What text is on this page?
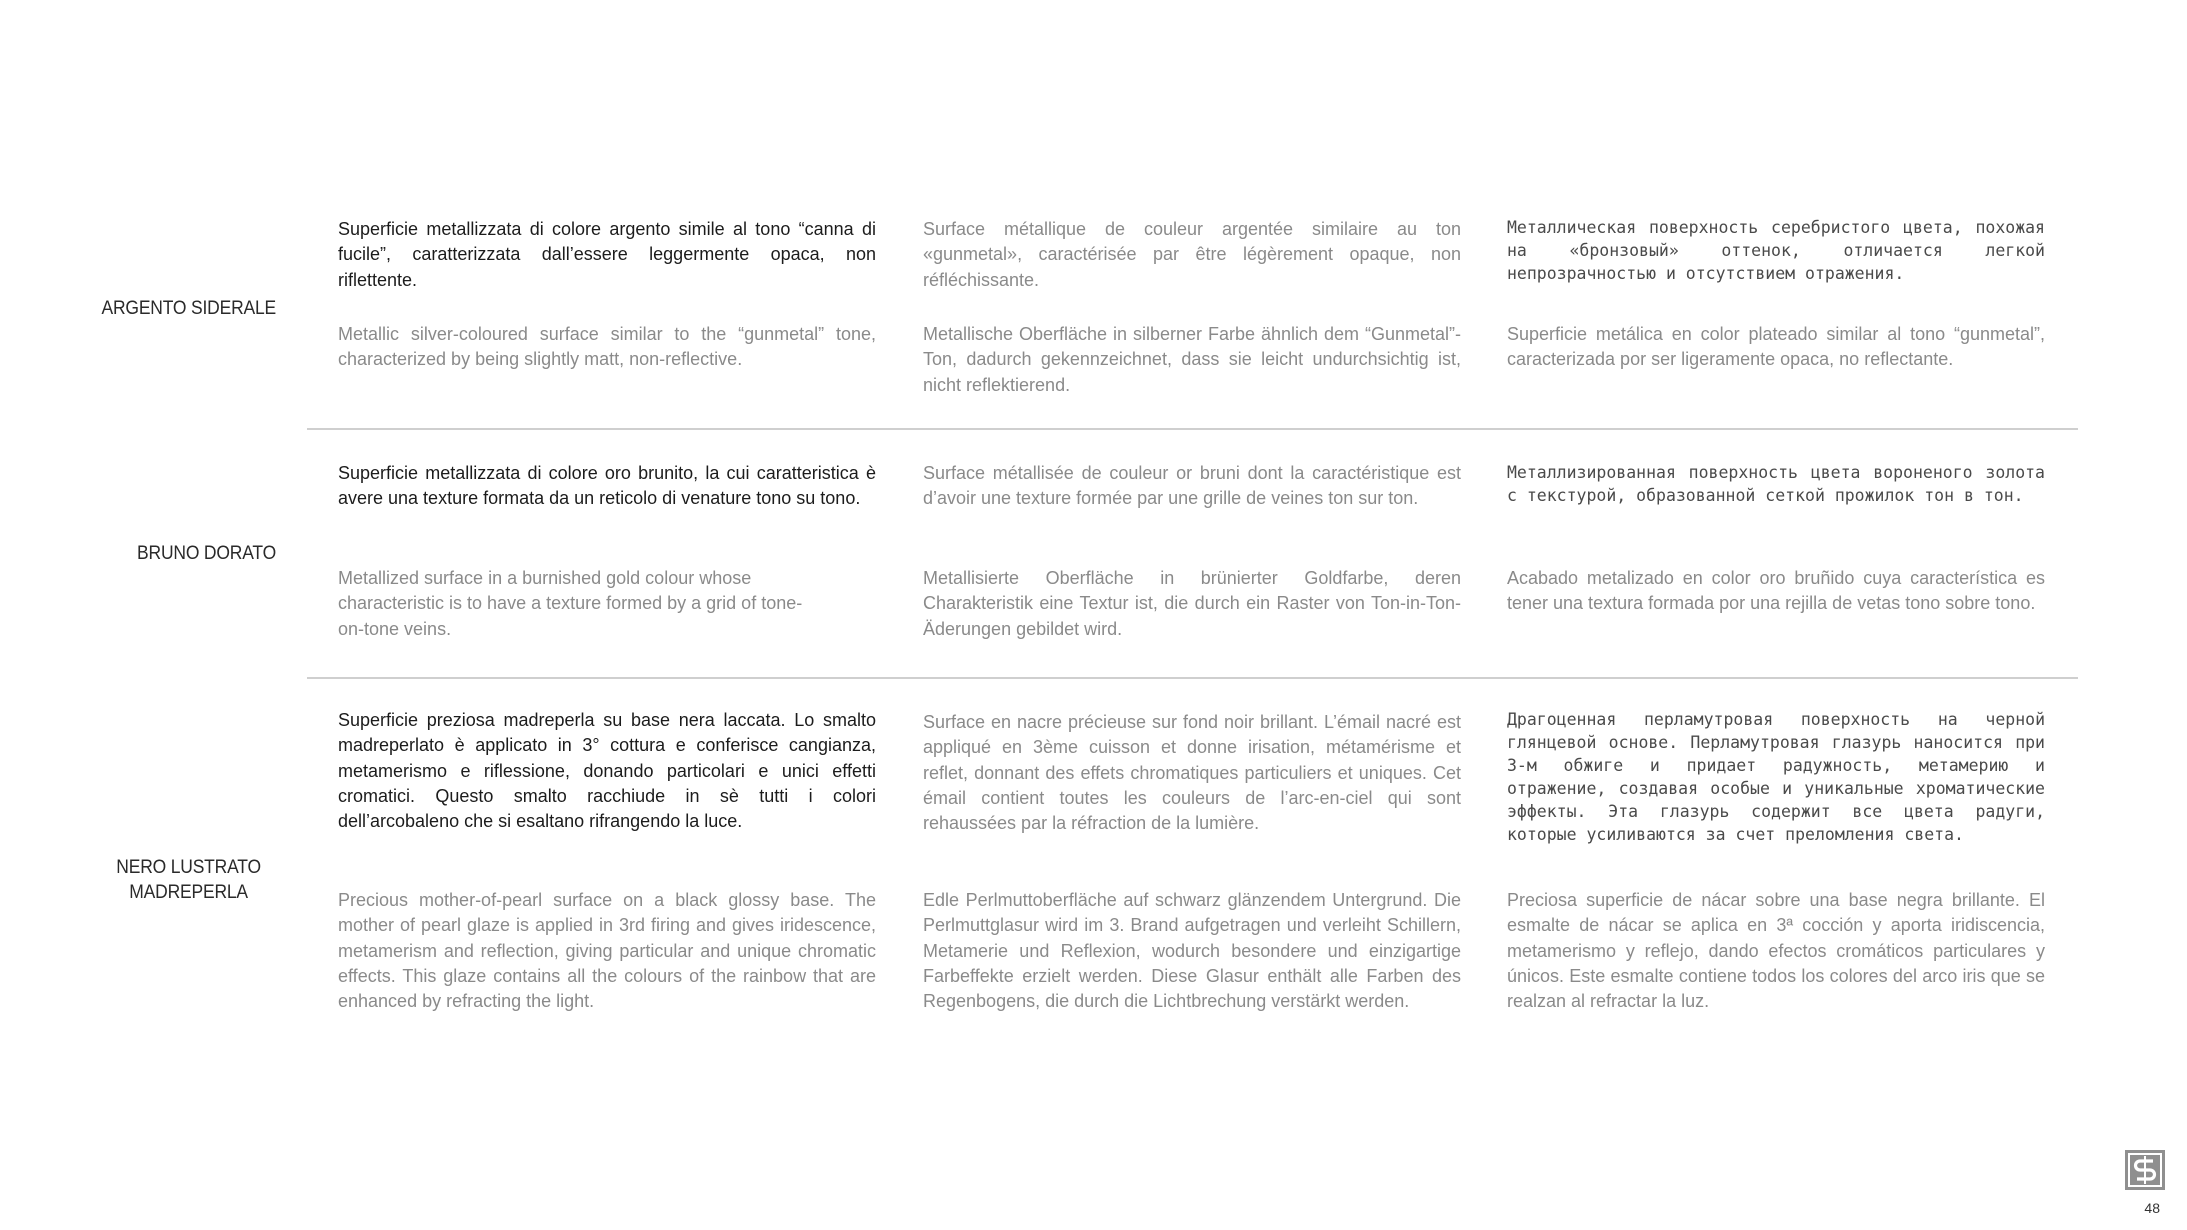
ARGENTO SIDERALE
Superficie metallizzata di colore argento simile al tono “canna di fucile”, caratterizzata dall’essere leggermente opaca, non riflettente.
Metallic silver-coloured surface similar to the “gunmetal” tone, characterized by being slightly matt, non-reflective.
Surface métallique de couleur argentée similaire au ton «gunmetal», caractérisée par être légèrement opaque, non réfléchissante.
Metallische Oberfläche in silberner Farbe ähnlich dem “Gunmetal”-Ton, dadurch gekennzeichnet, dass sie leicht undurchsichtig ist, nicht reflektierend.
Металлическая поверхность серебристого цвета, похожая на «бронзовый» оттенок, отличается легкой непрозрачностью и отсутствием отражения.
Superficie metálica en color plateado similar al tono “gunmetal”, caracterizada por ser ligeramente opaca, no reflectante.
BRUNO DORATO
Superficie metallizzata di colore oro brunito, la cui caratteristica è avere una texture formata da un reticolo di venature tono su tono.
Metallized surface in a burnished gold colour whose characteristic is to have a texture formed by a grid of tone-on-tone veins.
Surface métallisée de couleur or bruni dont la caractéristique est d’avoir une texture formée par une grille de veines ton sur ton.
Metallisierte Oberfläche in brünierter Goldfarbe, deren Charakteristik eine Textur ist, die durch ein Raster von Ton-in-Ton-Äderungen gebildet wird.
Металлизированная поверхность цвета вороненого золота с текстурой, образованной сеткой прожилок тон в тон.
Acabado metalizado en color oro bruñido cuya característica es tener una textura formada por una rejilla de vetas tono sobre tono.
NERO LUSTRATO MADREPERLA
Superficie preziosa madreperla su base nera laccata. Lo smalto madreperlato è applicato in 3° cottura e conferisce cangianza, metamerismo e riflessione, donando particolari e unici effetti cromatici. Questo smalto racchiude in sè tutti i colori dell’arcobaleno che si esaltano rifrangendo la luce.
Precious mother-of-pearl surface on a black glossy base. The mother of pearl glaze is applied in 3rd firing and gives iridescence, metamerism and reflection, giving particular and unique chromatic effects. This glaze contains all the colours of the rainbow that are enhanced by refracting the light.
Surface en nacre précieuse sur fond noir brillant. L’émail nacré est appliqué en 3ème cuisson et donne irisation, métamérisme et reflet, donnant des effets chromatiques particuliers et uniques. Cet émail contient toutes les couleurs de l’arc-en-ciel qui sont rehaussées par la réfraction de la lumière.
Edle Perlmuttoberfläche auf schwarz glänzendem Untergrund. Die Perlmuttglasur wird im 3. Brand aufgetragen und verleiht Schillern, Metamerie und Reflexion, wodurch besondere und einzigartige Farbeffekte erzielt werden. Diese Glasur enthält alle Farben des Regenbogens, die durch die Lichtbrechung verstärkt werden.
Драгоценная перламутровая поверхность на черной глянцевой основе. Перламутровая глазурь наносится при 3-м обжиге и придает радужность, метамерию и отражение, создавая особые и уникальные хроматические эффекты. Эта глазурь содержит все цвета радуги, которые усиливаются за счет преломления света.
Preciosa superficie de nácar sobre una base negra brillante. El esmalte de nácar se aplica en 3ª cocción y aporta iridiscencia, metamerismo y reflejo, dando efectos cromáticos particulares y únicos. Este esmalte contiene todos los colores del arco iris que se realzan al refractar la luz.
48
